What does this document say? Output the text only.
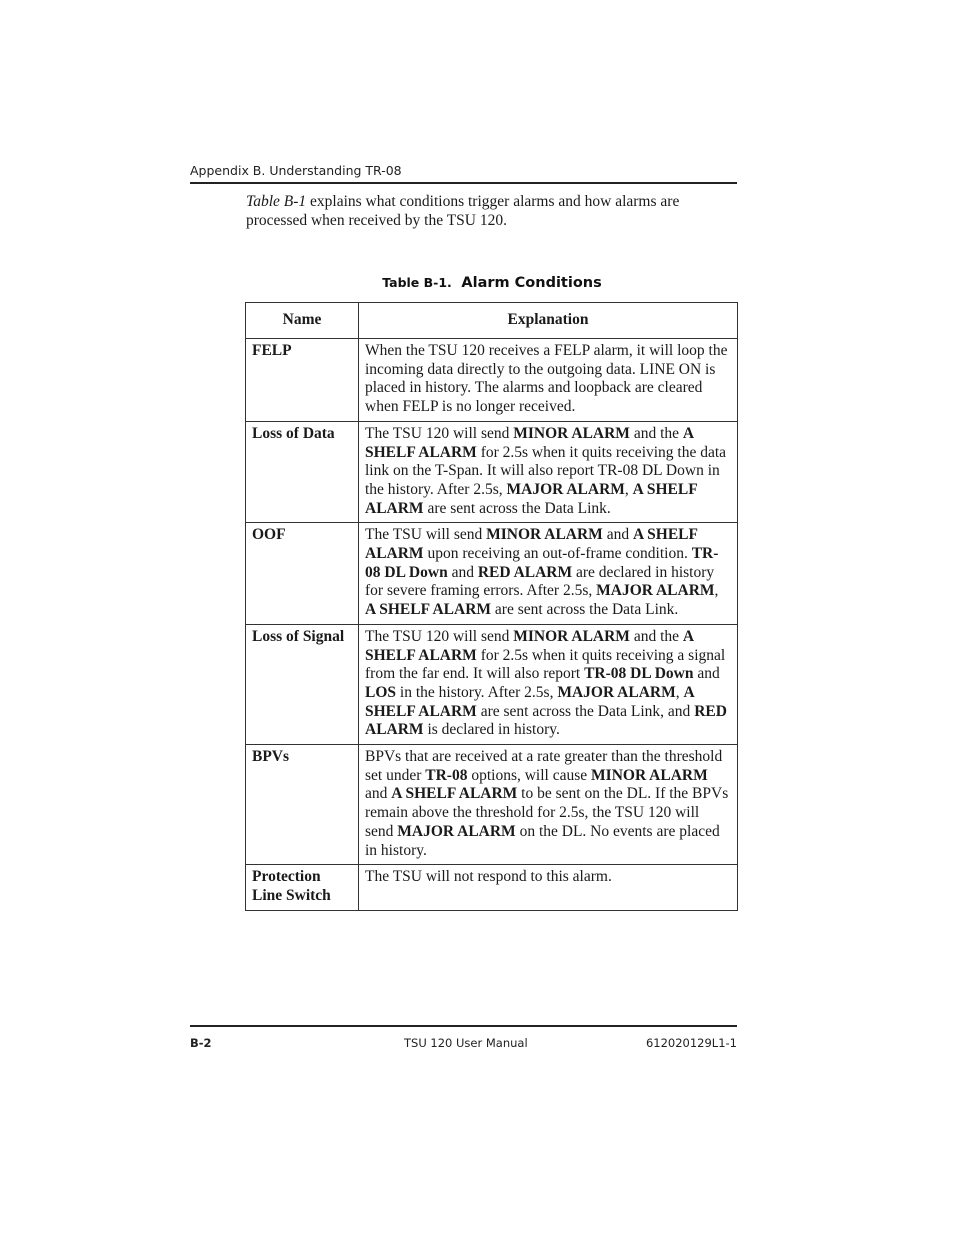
Appendix B. Understanding TR-08

Table B-1 explains what conditions trigger alarms and how alarms are processed when received by the TSU 120.

Table B-1. Alarm Conditions
Name	Explanation
FELP	When the TSU 120 receives a FELP alarm, it will loop the incoming data directly to the outgoing data. LINE ON is placed in history. The alarms and loopback are cleared when FELP is no longer received.
Loss of Data	The TSU 120 will send MINOR ALARM and the A SHELF ALARM for 2.5s when it quits receiving the data link on the T-Span. It will also report TR-08 DL Down in the history. After 2.5s, MAJOR ALARM, A SHELF ALARM are sent across the Data Link.
OOF	The TSU will send MINOR ALARM and A SHELF ALARM upon receiving an out-of-frame condition. TR-08 DL Down and RED ALARM are declared in history for severe framing errors. After 2.5s, MAJOR ALARM, A SHELF ALARM are sent across the Data Link.
Loss of Signal	The TSU 120 will send MINOR ALARM and the A SHELF ALARM for 2.5s when it quits receiving a signal from the far end. It will also report TR-08 DL Down and LOS in the history. After 2.5s, MAJOR ALARM, A SHELF ALARM are sent across the Data Link, and RED ALARM is declared in history.
BPVs	BPVs that are received at a rate greater than the threshold set under TR-08 options, will cause MINOR ALARM and A SHELF ALARM to be sent on the DL. If the BPVs remain above the threshold for 2.5s, the TSU 120 will send MAJOR ALARM on the DL. No events are placed in history.
Protection Line Switch	The TSU will not respond to this alarm.
B-2	TSU 120 User Manual	612020129L1-1
